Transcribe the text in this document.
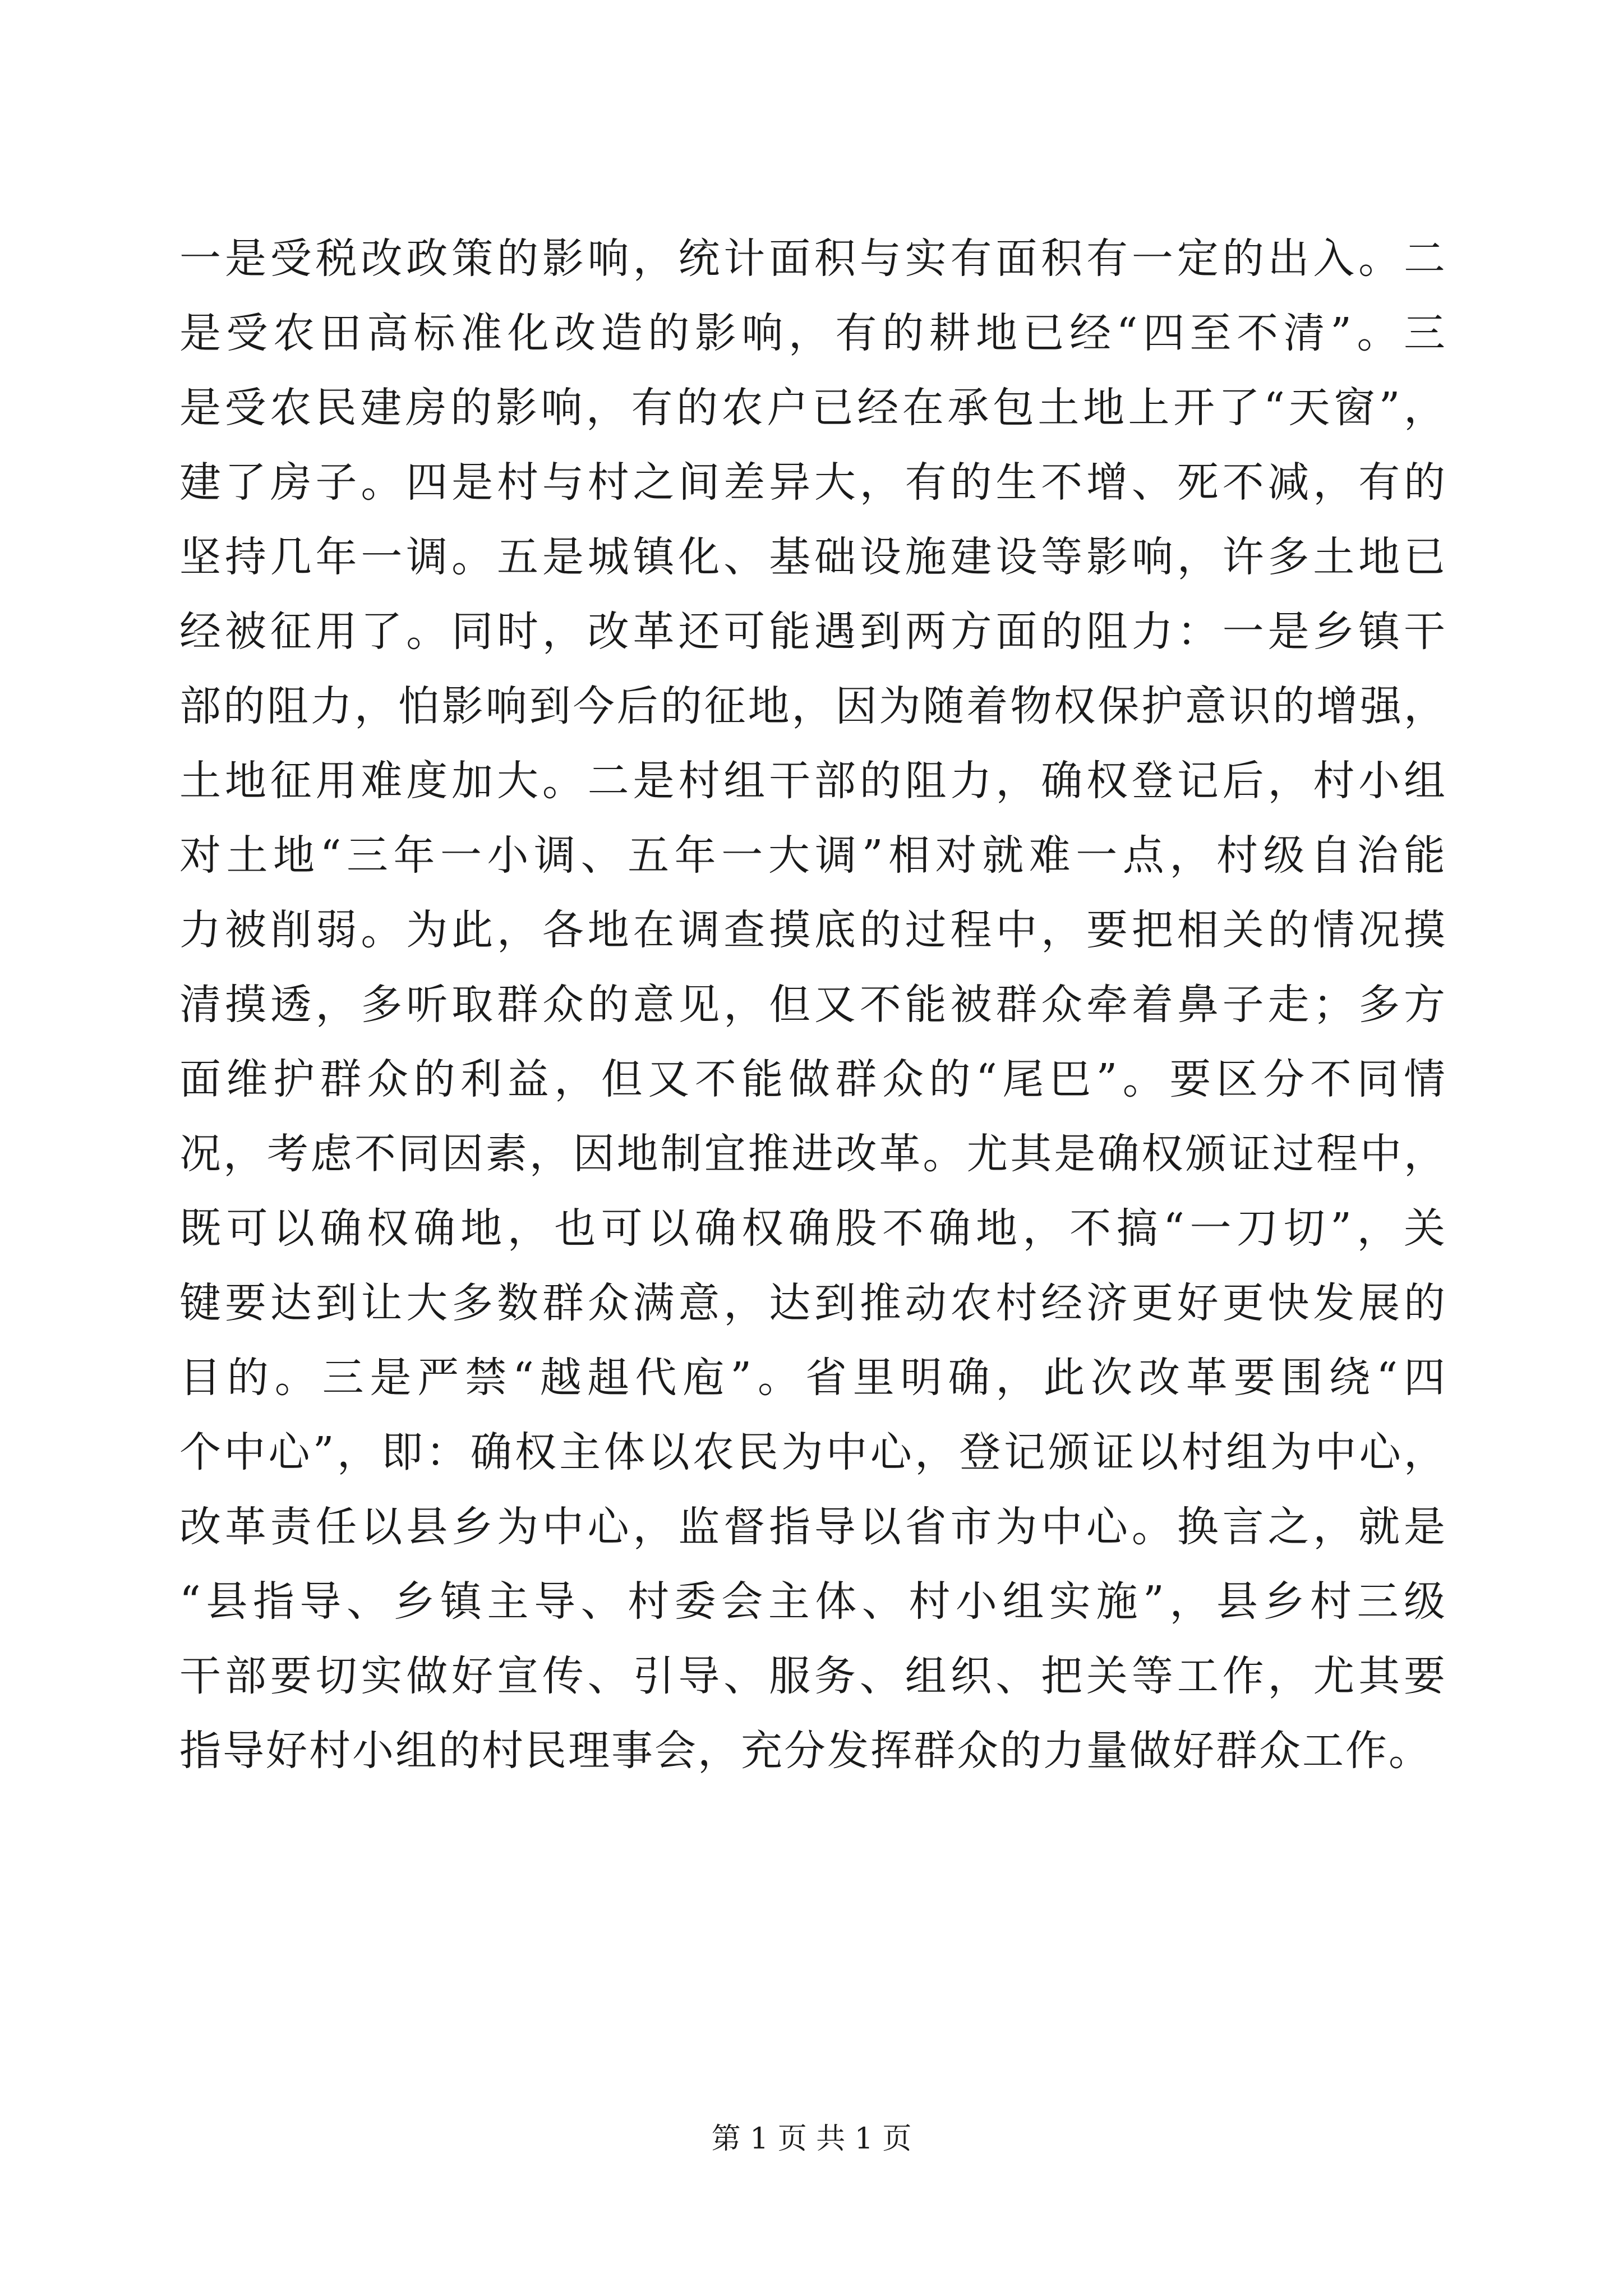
一是受税改政策的影响，统计面积与实有面积有一定的出入。二
是受农田高标准化改造的影响，有的耕地已经“四至不清”。三
是受农民建房的影响，有的农户已经在承包土地上开了“天窗”，
建了房子。四是村与村之间差异大，有的生不增、死不减，有的
坚持几年一调。五是城镇化、基础设施建设等影响，许多土地已
经被征用了。同时，改革还可能遇到两方面的阻力：一是乡镇干
部的阻力，怕影响到今后的征地，因为随着物权保护意识的增强，
土地征用难度加大。二是村组干部的阻力，确权登记后，村小组
对土地“三年一小调、五年一大调”相对就难一点，村级自治能
力被削弱。为此，各地在调查摸底的过程中，要把相关的情况摸
清摸透，多听取群众的意见，但又不能被群众牵着鼻子走；多方
面维护群众的利益，但又不能做群众的“尾巴”。要区分不同情
况，考虑不同因素，因地制宜推进改革。尤其是确权颁证过程中，
既可以确权确地，也可以确权确股不确地，不搞“一刀切”，关
键要达到让大多数群众满意，达到推动农村经济更好更快发展的
目的。三是严禁“越趄代庖”。省里明确，此次改革要围绕“四
个中心”，即：确权主体以农民为中心，登记颁证以村组为中心，
改革责任以县乡为中心，监督指导以省市为中心。换言之，就是
“县指导、乡镇主导、村委会主体、村小组实施”，县乡村三级
干部要切实做好宣传、引导、服务、组织、把关等工作，尤其要
指导好村小组的村民理事会，充分发挥群众的力量做好群众工作。
第 1 页 共 1 页
